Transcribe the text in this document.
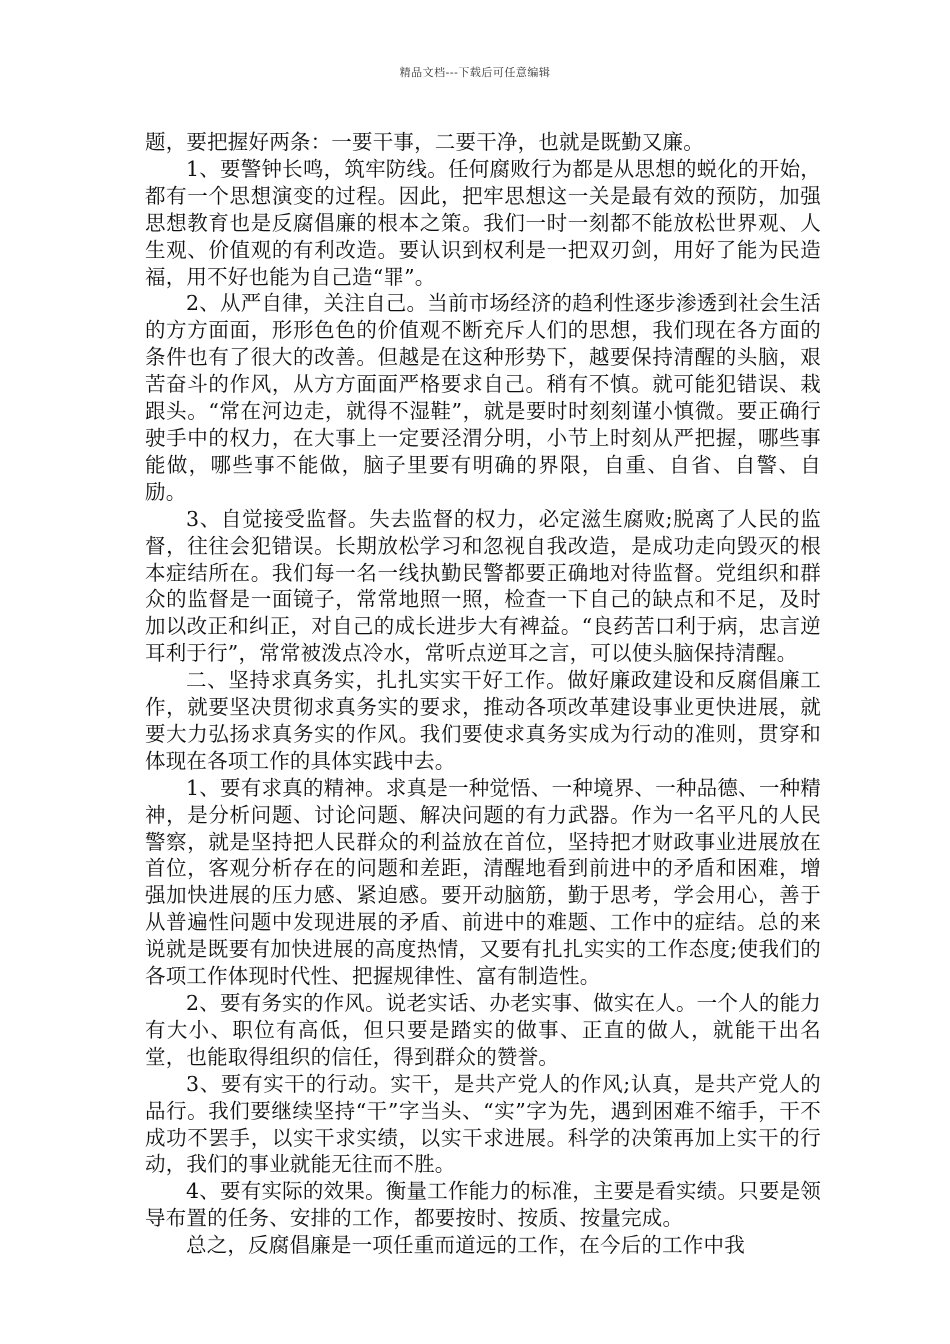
精品文档---下载后可任意编辑

题，要把握好两条：一要干事，二要干净，也就是既勤又廉。

1、要警钟长鸣，筑牢防线。任何腐败行为都是从思想的蜕化的开始，都有一个思想演变的过程。因此，把牢思想这一关是最有效的预防，加强思想教育也是反腐倡廉的根本之策。我们一时一刻都不能放松世界观、人生观、价值观的有利改造。要认识到权利是一把双刃剑，用好了能为民造福，用不好也能为自己造“罪”。

2、从严自律，关注自己。当前市场经济的趋利性逐步渗透到社会生活的方方面面，形形色色的价值观不断充斥人们的思想，我们现在各方面的条件也有了很大的改善。但越是在这种形势下，越要保持清醒的头脑，艰苦奋斗的作风，从方方面面严格要求自己。稍有不慎。就可能犯错误、栽跟头。“常在河边走，就得不湿鞋”，就是要时时刻刻谨小慎微。要正确行驶手中的权力，在大事上一定要泾渭分明，小节上时刻从严把握，哪些事能做，哪些事不能做，脑子里要有明确的界限，自重、自省、自警、自励。

3、自觉接受监督。失去监督的权力，必定滋生腐败;脱离了人民的监督，往往会犯错误。长期放松学习和忽视自我改造，是成功走向毁灭的根本症结所在。我们每一名一线执勤民警都要正确地对待监督。党组织和群众的监督是一面镜子，常常地照一照，检查一下自己的缺点和不足，及时加以改正和纠正，对自己的成长进步大有裨益。“良药苦口利于病，忠言逆耳利于行”，常常被泼点冷水，常听点逆耳之言，可以使头脑保持清醒。

二、坚持求真务实，扎扎实实干好工作。做好廉政建设和反腐倡廉工作，就要坚决贯彻求真务实的要求，推动各项改革建设事业更快进展，就要大力弘扬求真务实的作风。我们要使求真务实成为行动的准则，贯穿和体现在各项工作的具体实践中去。

1、要有求真的精神。求真是一种觉悟、一种境界、一种品德、一种精神，是分析问题、讨论问题、解决问题的有力武器。作为一名平凡的人民警察，就是坚持把人民群众的利益放在首位，坚持把才财政事业进展放在首位，客观分析存在的问题和差距，清醒地看到前进中的矛盾和困难，增强加快进展的压力感、紧迫感。要开动脑筋，勤于思考，学会用心，善于从普遍性问题中发现进展的矛盾、前进中的难题、工作中的症结。总的来说就是既要有加快进展的高度热情，又要有扎扎实实的工作态度;使我们的各项工作体现时代性、把握规律性、富有制造性。

2、要有务实的作风。说老实话、办老实事、做实在人。一个人的能力有大小、职位有高低，但只要是踏实的做事、正直的做人，就能干出名堂，也能取得组织的信任，得到群众的赞誉。

3、要有实干的行动。实干，是共产党人的作风;认真，是共产党人的品行。我们要继续坚持“干”字当头、“实”字为先，遇到困难不缩手，干不成功不罢手，以实干求实绩，以实干求进展。科学的决策再加上实干的行动，我们的事业就能无往而不胜。

4、要有实际的效果。衡量工作能力的标准，主要是看实绩。只要是领导布置的任务、安排的工作，都要按时、按质、按量完成。

总之，反腐倡廉是一项任重而道远的工作，在今后的工作中我
